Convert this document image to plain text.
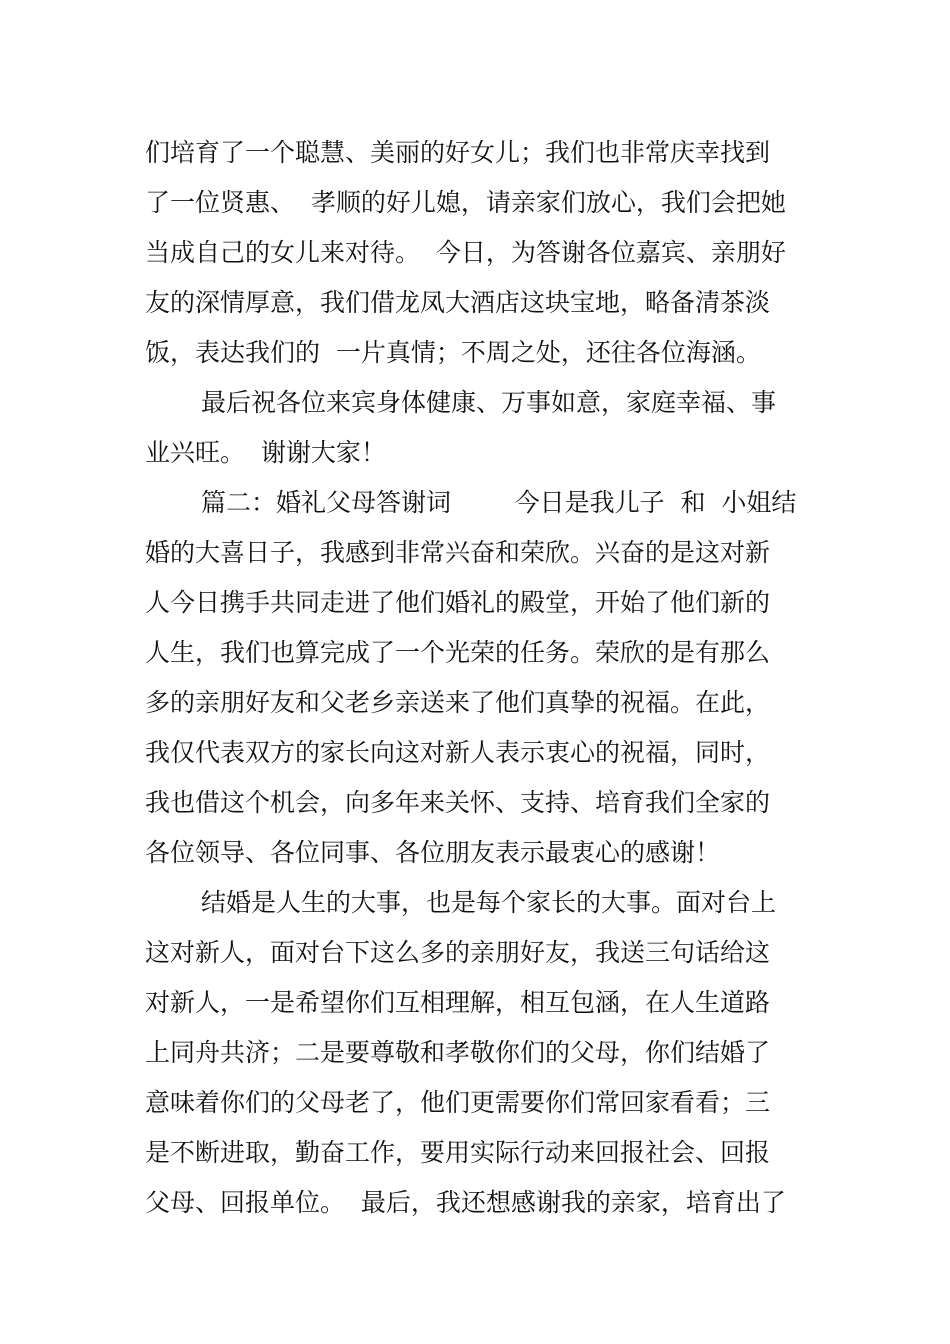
们培育了一个聪慧、美丽的好女儿；我们也非常庆幸找到
了一位贤惠、  孝顺的好儿媳，请亲家们放心，我们会把她
当成自己的女儿来对待。  今日，为答谢各位嘉宾、亲朋好
友的深情厚意，我们借龙凤大酒店这块宝地，略备清茶淡
饭，表达我们的  一片真情；不周之处，还往各位海涵。
最后祝各位来宾身体健康、万事如意，家庭幸福、事
业兴旺。  谢谢大家！
篇二：婚礼父母答谢词        今日是我儿子  和  小姐结
婚的大喜日子，我感到非常兴奋和荣欣。兴奋的是这对新
人今日携手共同走进了他们婚礼的殿堂，开始了他们新的
人生，我们也算完成了一个光荣的任务。荣欣的是有那么
多的亲朋好友和父老乡亲送来了他们真挚的祝福。在此，
我仅代表双方的家长向这对新人表示衷心的祝福，同时，
我也借这个机会，向多年来关怀、支持、培育我们全家的
各位领导、各位同事、各位朋友表示最衷心的感谢！
结婚是人生的大事，也是每个家长的大事。面对台上
这对新人，面对台下这么多的亲朋好友，我送三句话给这
对新人，一是希望你们互相理解，相互包涵，在人生道路
上同舟共济；二是要尊敬和孝敬你们的父母，你们结婚了
意味着你们的父母老了，他们更需要你们常回家看看；三
是不断进取，勤奋工作，要用实际行动来回报社会、回报
父母、回报单位。  最后，我还想感谢我的亲家，培育出了
